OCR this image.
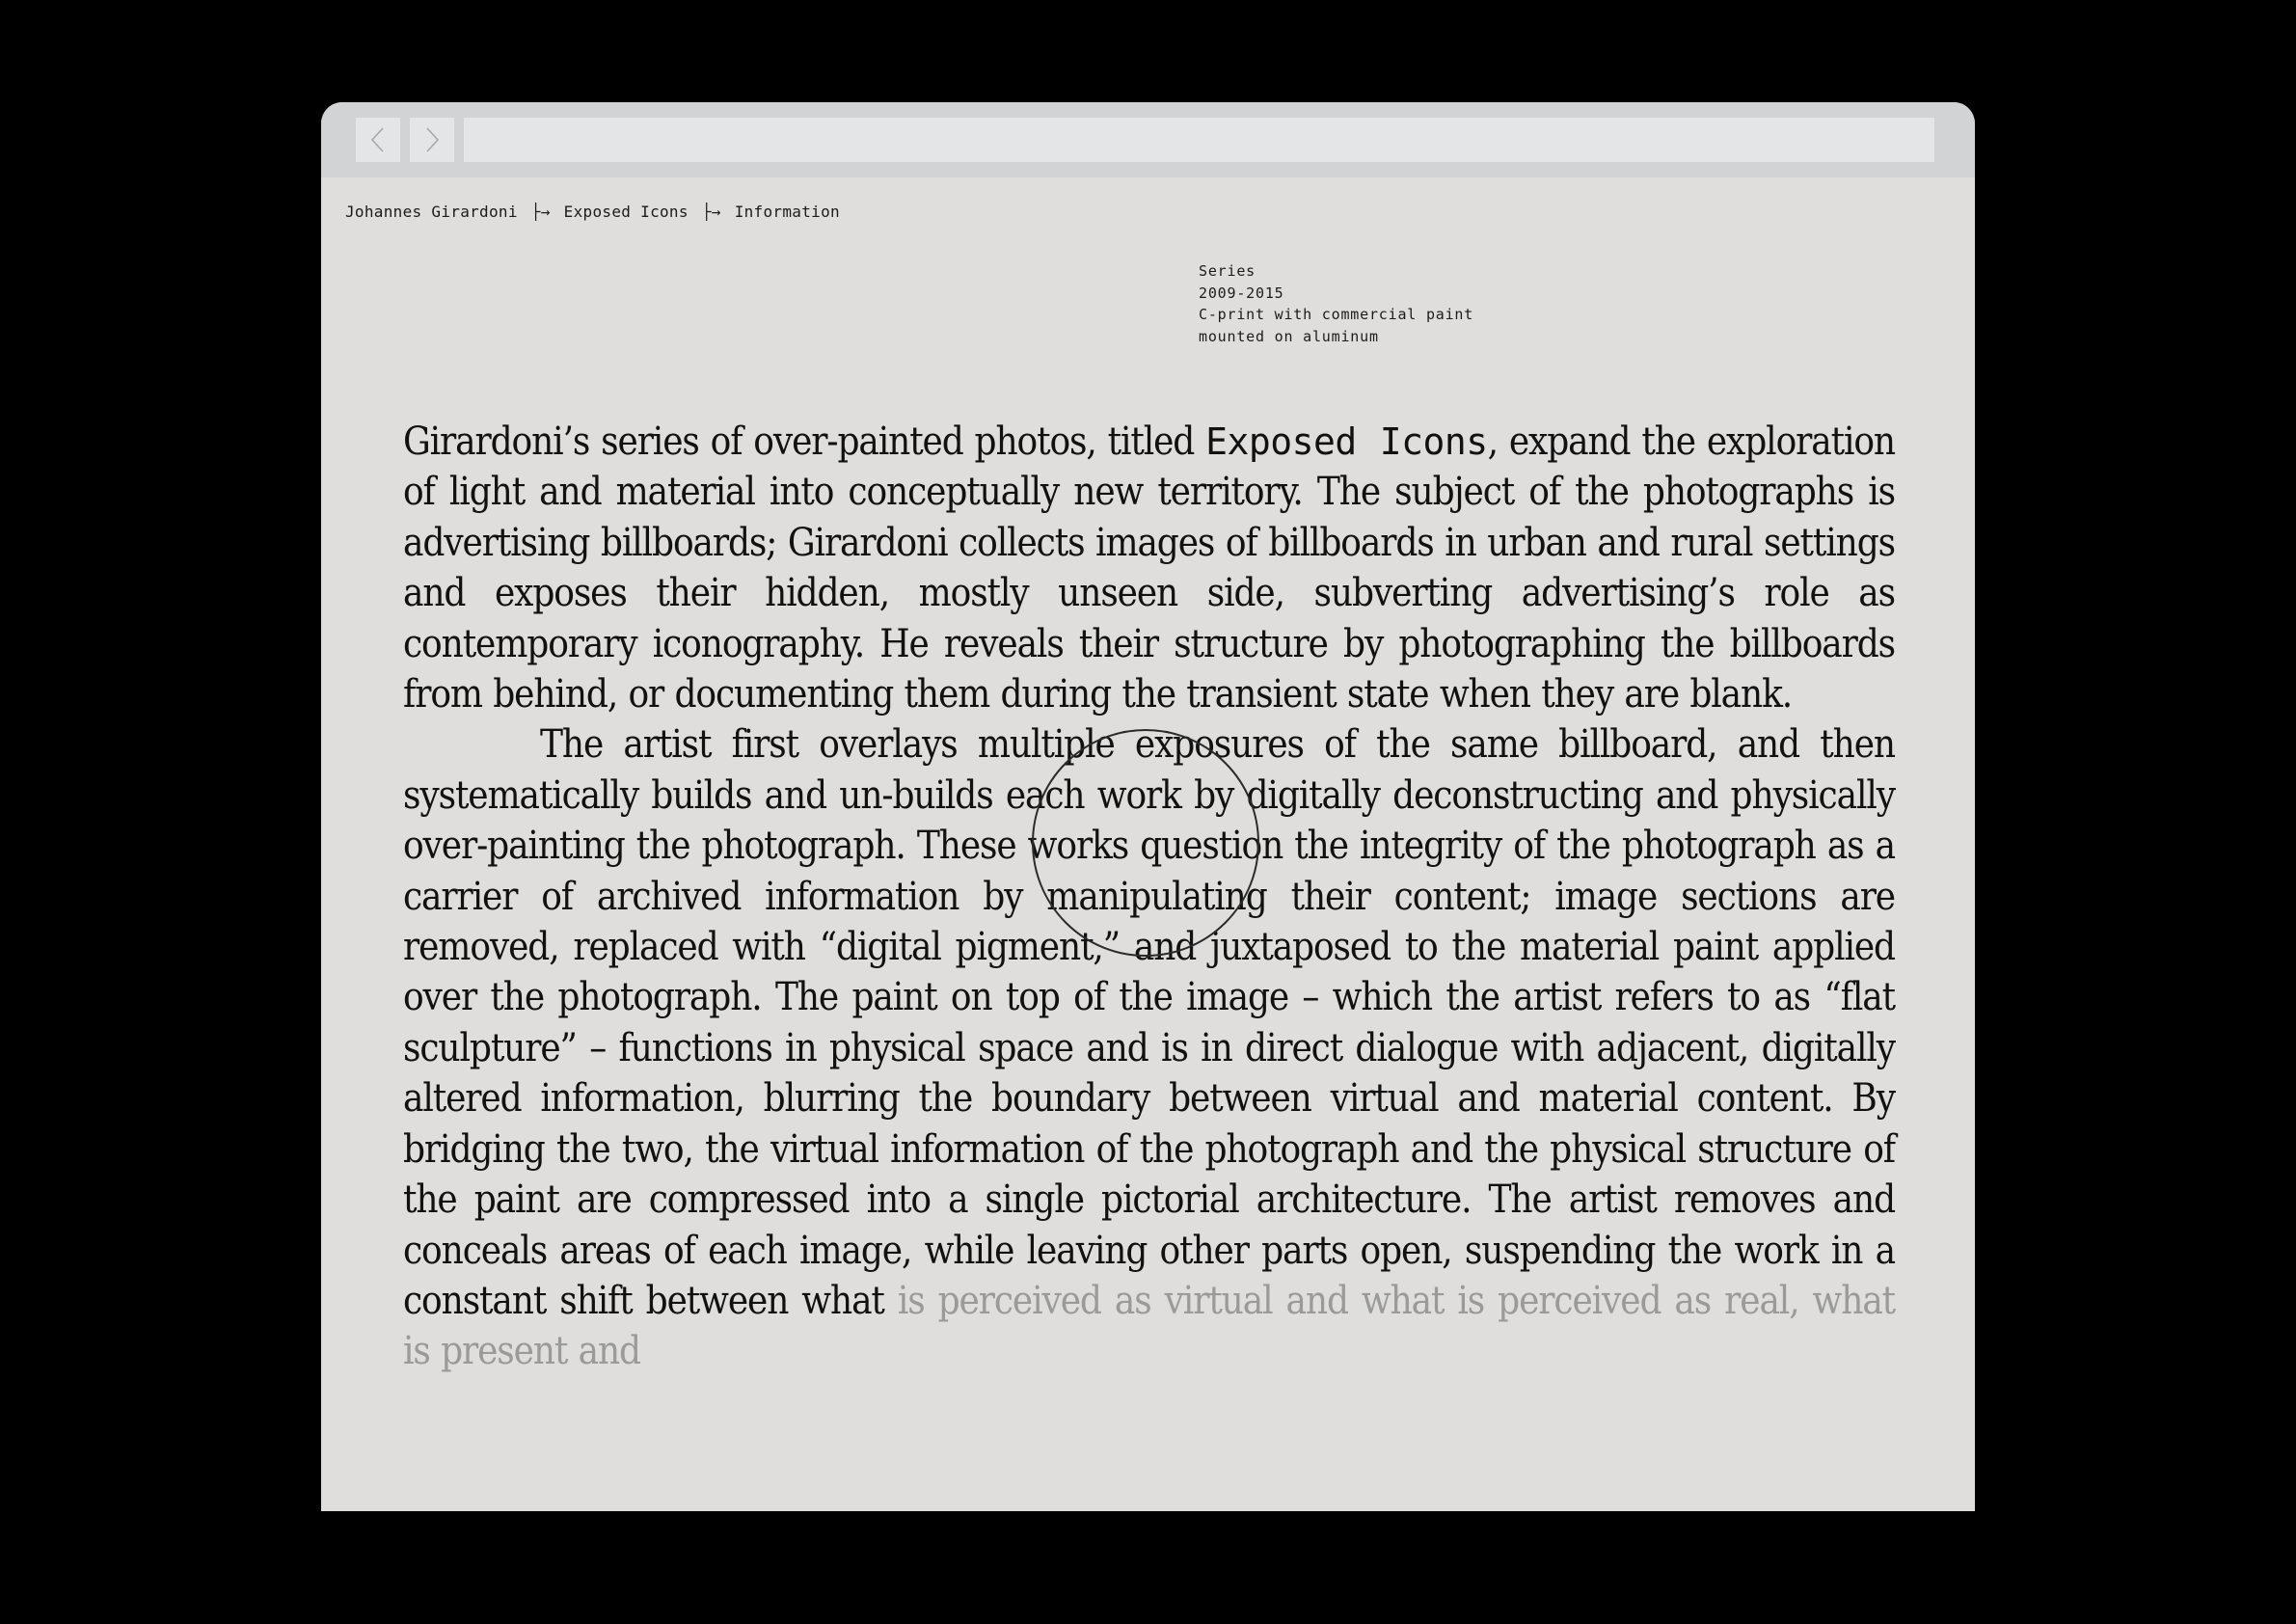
Johannes Girardoni ├→ Exposed Icons ├→ Information
Series
2009-2015
C-print with commercial paint
mounted on aluminum

Girardoni’s series of over-painted photos, titled Exposed Icons, expand the exploration of light and material into conceptually new territory. The subject of the photographs is advertising billboards; Girardoni collects images of billboards in urban and rural settings and exposes their hidden, mostly unseen side, subverting advertising’s role as contemporary iconography. He reveals their structure by photographing the billboards from behind, or documenting them during the transient state when they are blank.

The artist first overlays multiple exposures of the same billboard, and then systematically builds and un-builds each work by digitally deconstructing and physically over-painting the photograph. These works question the integrity of the photograph as a carrier of archived information by manipulating their content; image sections are removed, replaced with “digital pigment,” and juxtaposed to the material paint applied over the photograph. The paint on top of the image – which the artist refers to as “flat sculpture” – functions in physical space and is in direct dialogue with adjacent, digitally altered information, blurring the boundary between virtual and material content. By bridging the two, the virtual information of the photograph and the physical structure of the paint are compressed into a single pictorial architecture. The artist removes and conceals areas of each image, while leaving other parts open, suspending the work in a constant shift between what is perceived as virtual and what is perceived as real, what is present and
